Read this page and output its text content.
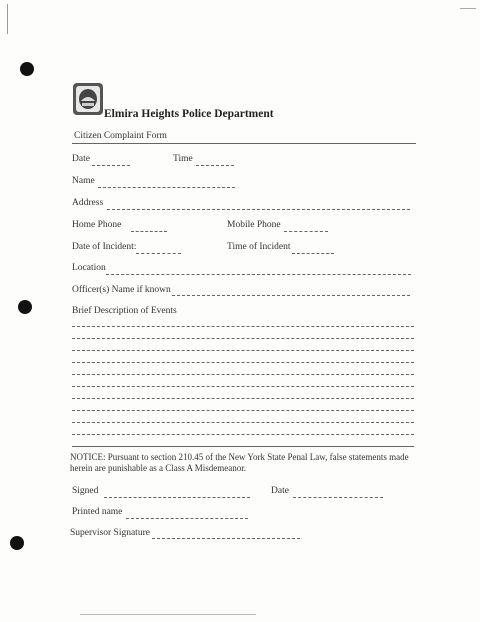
Elmira Heights Police Department
Citizen Complaint Form
Date	Time
Name
Address
Home Phone	Mobile Phone
Date of Incident:	Time of Incident
Location
Officer(s) Name if known
Brief Description of Events
NOTICE: Pursuant to section 210.45 of the New York State Penal Law, false statements made herein are punishable as a Class A Misdemeanor.
Signed	Date
Printed name
Supervisor Signature
